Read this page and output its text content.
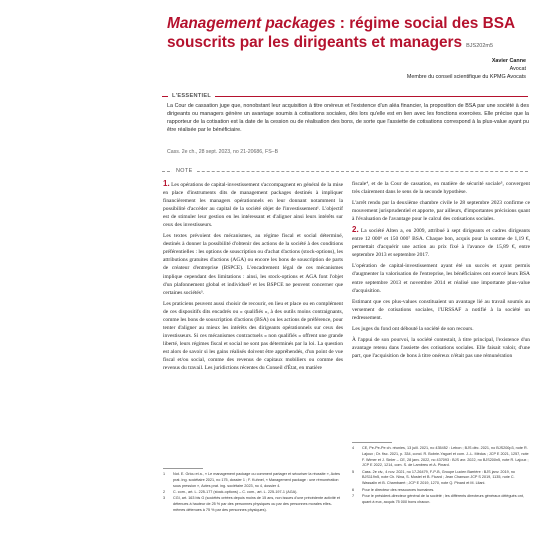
Management packages : régime social des BSA souscrits par les dirigeants et managers BJS202m5
Xavier Canne
Avocat
Membre du conseil scientifique du KPMG Avocats
L'ESSENTIEL

La Cour de cassation juge que, nonobstant leur acquisition à titre onéreux et l'existence d'un aléa financier, la proposition de BSA par une société à des dirigeants ou managers génère un avantage soumis à cotisations sociales, dès lors qu'elle est en lien avec les fonctions exercées. Elle précise que la rapporteur de la cotisation est la date de la cession ou de réalisation des bons, de sorte que l'assiette de cotisations correspond à la plus-value ayant pu être réalisée par le bénéficiaire.

Cass. 2e ch., 28 sept. 2023, no 21-20686, FS–B
NOTE

1. Les opérations de capital-investissement s'accompagnent en général de la mise en place d'instruments dits de management packages destinés à impliquer financièrement les managers opérationnels en leur donnant notamment la possibilité d'accéder au capital de la société objet de l'investissement¹. L'objectif est de stimuler leur gestion en les intéressant et d'aligner ainsi leurs intérêts sur ceux des investisseurs.

Les textes prévoient des mécanismes, au régime fiscal et social déterminé, destinés à donner la possibilité d'obtenir des actions de la société à des conditions préférentielles : les options de souscription ou d'achat d'actions (stock-options), les attributions gratuites d'actions (AGA) ou encore les bons de souscription de parts de créateur d'entreprise (BSPCE). L'encadrement légal de ces mécanismes implique cependant des limitations : ainsi, les stock-options et AGA font l'objet d'un plafonnement global et individuel² et les BSPCE ne peuvent concerner que certaines sociétés³.

Les praticiens peuvent aussi choisir de recourir, en lieu et place ou en complément de ces dispositifs dits encadrés ou « qualifiés », à des outils moins contraignants, comme les bons de souscription d'actions (BSA) ou les actions de préférence, pour tenter d'aligner au mieux les intérêts des dirigeants opérationnels sur ceux des investisseurs. Si ces mécanismes contractuels « non qualifiés » offrent une grande liberté, leurs régimes fiscal et social ne sont pas déterminés par la loi. La question est alors de savoir si les gains réalisés doivent être appréhendés, d'un point de vue fiscal et/ou social, comme des revenus de capitaux mobiliers ou comme des revenus du travail. Les juridictions récentes du Conseil d'État, en matière

fiscale⁴, et de la Cour de cassation, en matière de sécurité sociale⁵, convergent très clairement dans le sens de la seconde hypothèse.

L'arrêt rendu par la deuxième chambre civile le 28 septembre 2023 confirme ce mouvement jurisprudentiel et apporte, par ailleurs, d'importantes précisions quant à l'évaluation de l'avantage pour le calcul des cotisations sociales.

2. La société Alten a, en 2009, attribué à sept dirigeants et cadres dirigeants entre 12 000⁶ et 150 000⁷ BSA. Chaque bon, acquis pour la somme de 1,19 €, permettait d'acquérir une action au prix fixé à l'avance de 15,89 €, entre septembre 2013 et septembre 2017.

L'opération de capital-investissement ayant été un succès et ayant permis d'augmenter la valorisation de l'entreprise, les bénéficiaires ont exercé leurs BSA entre septembre 2013 et novembre 2014 et réalisé une importante plus-value d'acquisition.

Estimant que ces plus-values constituaient un avantage lié au travail soumis au versement de cotisations sociales, l'URSSAF a notifié à la société un redressement.

Les juges du fond ont débouté la société de son recours.

À l'appui de son pourvoi, la société contestait, à titre principal, l'existence d'un avantage retenu dans l'assiette des cotisations sociales. Elle faisait valoir, d'une part, que l'acquisition de bons à titre onéreux n'était pas une rémunération

1	Not. E. Gricu et a., « Le management package ou comment partager et sécuriser la réussite », Actes prat. ing. sociétaire 2021, no 175, dossier 1 ; F. Kuhnel, « Management package : une rémunération sous pression », Actes prat. ing. sociétaire 2023, no 4, dossier 4.
2	C. com., art. L. 225-177 (stock-options) – C. com., art. L. 225-197-1 (AGA).
3	CGI, art. 163 bis G (sociétés créées depuis moins de 15 ans, non issues d'une précédente activité et détenues à hauteur de 25 % par des personnes physiques ou par des personnes morales elles-mêmes détenues à 75 % par des personnes physiques).
4	CE, Pe-Pe-Pe ch. réunies, 13 juill. 2021, no 435452 : Lebon ; BJS déc. 2021, no BJS200p3, note R. Lajoux ; Dr. fisc. 2021, p. 334, concl. R. Bobrie-Yaguel et com. J.-L. Médus ; JCP E 2021, 1257, note F. Wimer et J. Sinler – CE, 28 janv. 2022, no 437093 : BJS avr. 2022, no BJS200n5, note R. Lajoux ; JCP E 2022, 1214, com. S. de Lambreu et A. Pinard.
5	Cass. 2e civ., 4 nov. 2021, no 17-26479, F-P-B, Groupe Lucien Barrière : BJS janv. 2019, no BJS119n5, note Ch. Nina, S. Mostel et B. Ficard ; Jean Chanson JCP S 2019, 1135, note C. Wassalin et B. Chambaert ; JCP E 2019, 1270, note Q. Pinard et M. Lilani.
6	Pour le directeur des ressources humaines.
7	Pour le président-directeur général de la société ; les différents directeurs généraux délégués ont, quant à eux, acquis 75 000 bons chacun.
